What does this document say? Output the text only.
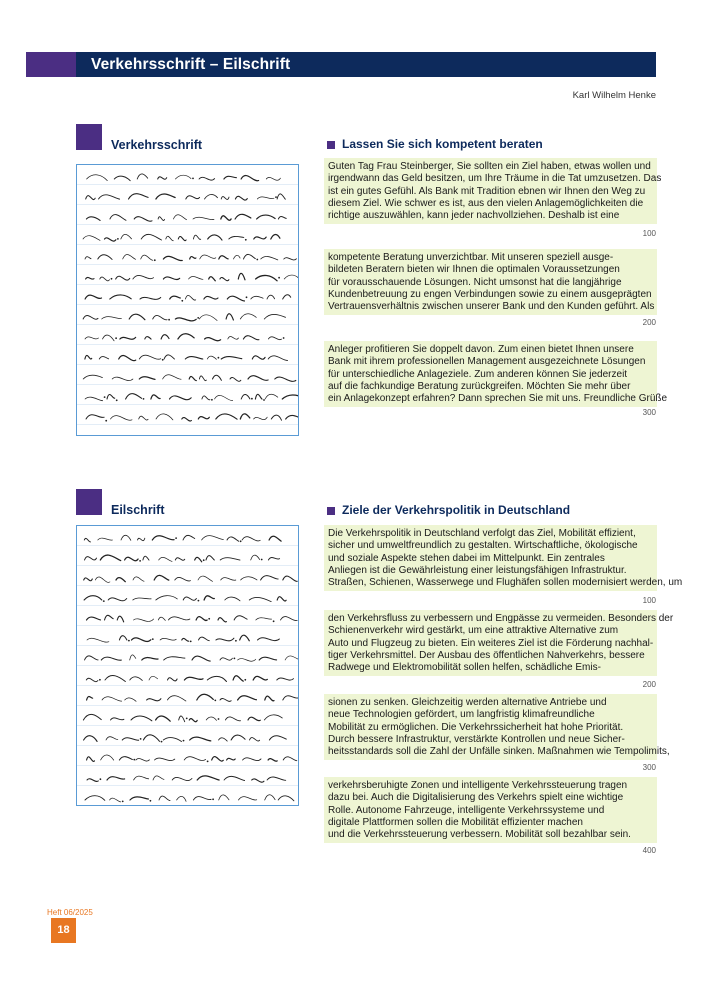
Verkehrsschrift – Eilschrift
Karl Wilhelm Henke
Verkehrsschrift	Lassen Sie sich kompetent beraten
Guten Tag Frau Steinberger, Sie sollten ein Ziel haben, etwas wollen und
irgendwann das Geld besitzen, um Ihre Träume in die Tat umzusetzen. Das
ist ein gutes Gefühl. Als Bank mit Tradition ebnen wir Ihnen den Weg zu
diesem Ziel. Wie schwer es ist, aus den vielen Anlagemöglichkeiten die
richtige auszuwählen, kann jeder nachvollziehen. Deshalb ist eine
100
kompetente Beratung unverzichtbar. Mit unseren speziell ausge-
bildeten Beratern bieten wir Ihnen die optimalen Voraussetzungen
für vorausschauende Lösungen. Nicht umsonst hat die langjährige
Kundenbetreuung zu engen Verbindungen sowie zu einem ausgeprägten
Vertrauensverhältnis zwischen unserer Bank und den Kunden geführt. Als
200
Anleger profitieren Sie doppelt davon. Zum einen bietet Ihnen unsere
Bank mit ihrem professionellen Management ausgezeichnete Lösungen
für unterschiedliche Anlageziele. Zum anderen können Sie jederzeit
auf die fachkundige Beratung zurückgreifen. Möchten Sie mehr über
ein Anlagekonzept erfahren? Dann sprechen Sie mit uns. Freundliche Grüße
300
Eilschrift	Ziele der Verkehrspolitik in Deutschland
Die Verkehrspolitik in Deutschland verfolgt das Ziel, Mobilität effizient,
sicher und umweltfreundlich zu gestalten. Wirtschaftliche, ökologische
und soziale Aspekte stehen dabei im Mittelpunkt. Ein zentrales
Anliegen ist die Gewährleistung einer leistungsfähigen Infrastruktur.
Straßen, Schienen, Wasserwege und Flughäfen sollen modernisiert werden, um
100
den Verkehrsfluss zu verbessern und Engpässe zu vermeiden. Besonders der
Schienenverkehr wird gestärkt, um eine attraktive Alternative zum
Auto und Flugzeug zu bieten. Ein weiteres Ziel ist die Förderung nachhal-
tiger Verkehrsmittel. Der Ausbau des öffentlichen Nahverkehrs, bessere
Radwege und Elektromobilität sollen helfen, schädliche Emis-
200
sionen zu senken. Gleichzeitig werden alternative Antriebe und
neue Technologien gefördert, um langfristig klimafreundliche
Mobilität zu ermöglichen. Die Verkehrssicherheit hat hohe Priorität.
Durch bessere Infrastruktur, verstärkte Kontrollen und neue Sicher-
heitsstandards soll die Zahl der Unfälle sinken. Maßnahmen wie Tempolimits,
300
verkehrsberuhigte Zonen und intelligente Verkehrssteuerung tragen
dazu bei. Auch die Digitalisierung des Verkehrs spielt eine wichtige
Rolle. Autonome Fahrzeuge, intelligente Verkehrssysteme und
digitale Plattformen sollen die Mobilität effizienter machen
und die Verkehrssteuerung verbessern. Mobilität soll bezahlbar sein.
400
Heft 06/2025
18
